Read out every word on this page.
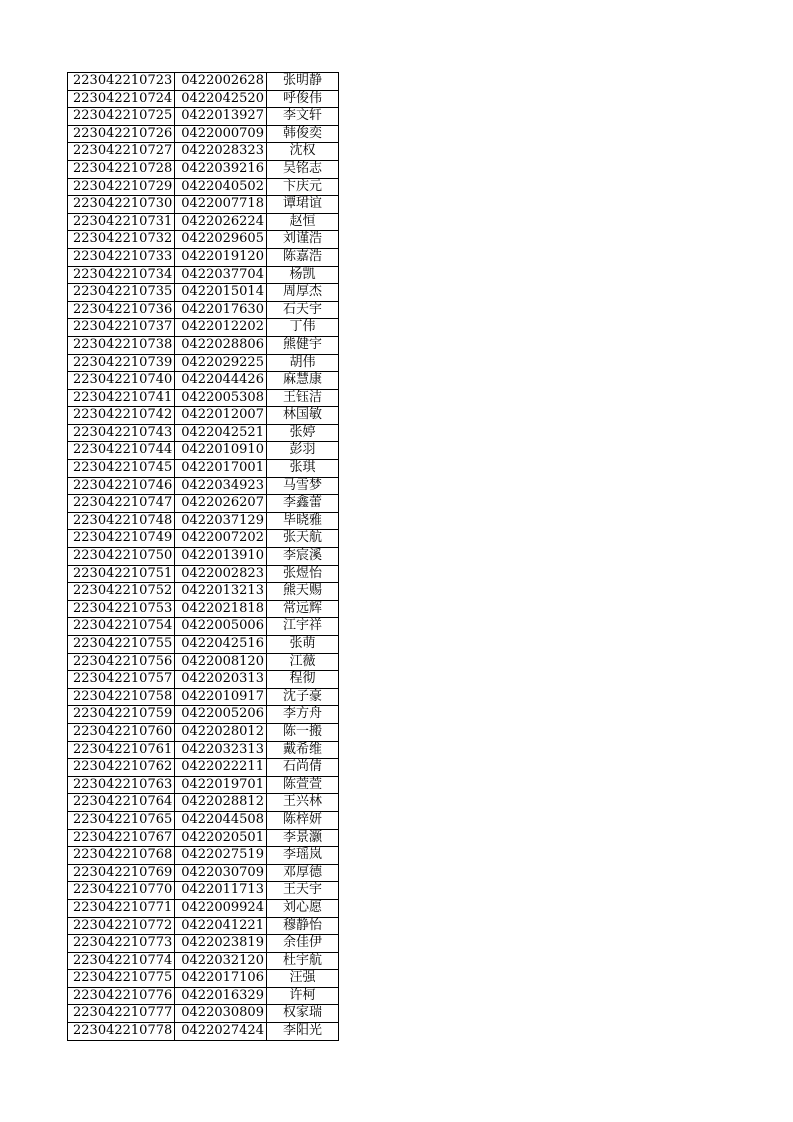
223042210723	0422002628	张明静
223042210724	0422042520	呼俊伟
223042210725	0422013927	李文轩
223042210726	0422000709	韩俊奕
223042210727	0422028323	沈权
223042210728	0422039216	吴铭志
223042210729	0422040502	卞庆元
223042210730	0422007718	谭珺谊
223042210731	0422026224	赵恒
223042210732	0422029605	刘谨浩
223042210733	0422019120	陈嘉浩
223042210734	0422037704	杨凯
223042210735	0422015014	周厚杰
223042210736	0422017630	石天宇
223042210737	0422012202	丁伟
223042210738	0422028806	熊健宇
223042210739	0422029225	胡伟
223042210740	0422044426	麻慧康
223042210741	0422005308	王钰洁
223042210742	0422012007	林国敏
223042210743	0422042521	张婷
223042210744	0422010910	彭羽
223042210745	0422017001	张琪
223042210746	0422034923	马雪梦
223042210747	0422026207	李鑫蕾
223042210748	0422037129	毕晓雅
223042210749	0422007202	张天航
223042210750	0422013910	李宸溪
223042210751	0422002823	张煜怡
223042210752	0422013213	熊天赐
223042210753	0422021818	常远辉
223042210754	0422005006	江宇祥
223042210755	0422042516	张萌
223042210756	0422008120	江薇
223042210757	0422020313	程彻
223042210758	0422010917	沈子豪
223042210759	0422005206	李方舟
223042210760	0422028012	陈一搬
223042210761	0422032313	戴希维
223042210762	0422022211	石尚倩
223042210763	0422019701	陈萱萱
223042210764	0422028812	王兴林
223042210765	0422044508	陈梓妍
223042210767	0422020501	李景灏
223042210768	0422027519	李瑶岚
223042210769	0422030709	邓厚德
223042210770	0422011713	王天宇
223042210771	0422009924	刘心愿
223042210772	0422041221	穆静怡
223042210773	0422023819	余佳伊
223042210774	0422032120	杜宇航
223042210775	0422017106	汪强
223042210776	0422016329	许柯
223042210777	0422030809	权家瑞
223042210778	0422027424	李阳光
